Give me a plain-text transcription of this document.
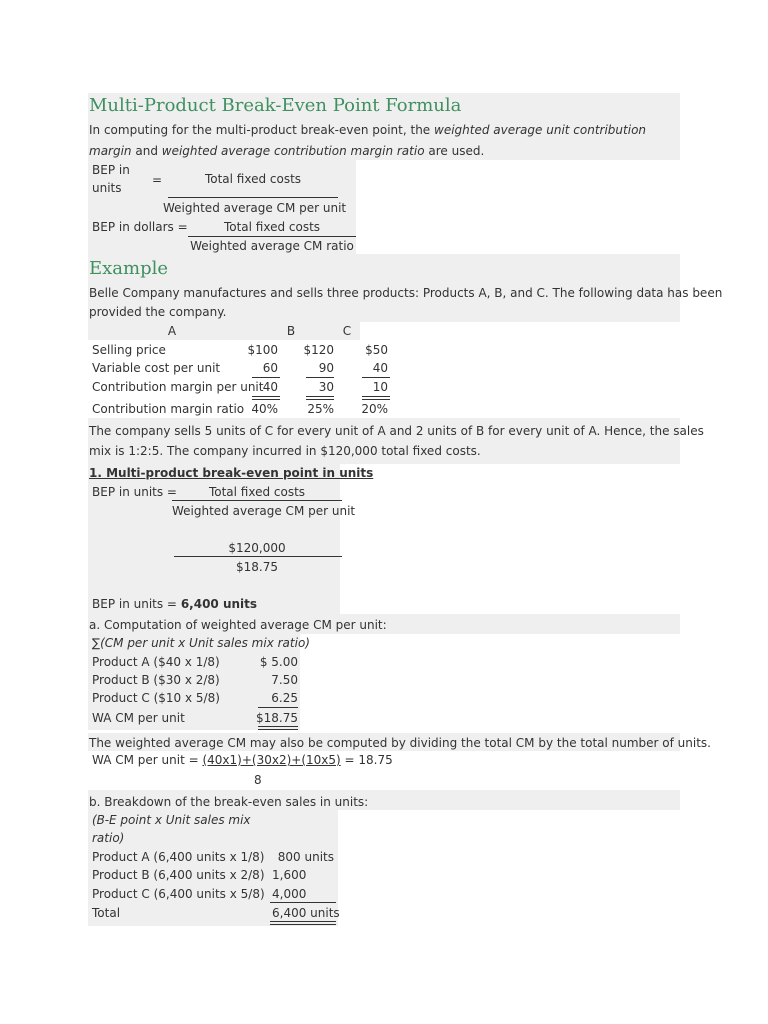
Multi-Product Break-Even Point Formula
In computing for the multi-product break-even point, the weighted average unit contribution
margin and weighted average contribution margin ratio are used.
BEP in
units
=	Total fixed costs
Weighted average CM per unit
BEP in dollars =	Total fixed costs
Weighted average CM ratio
Example
Belle Company manufactures and sells three products: Products A, B, and C. The following data has been
provided the company.
A	B	C
Selling price	$100	$120	$50
Variable cost per unit	60	90	40
Contribution margin per unit 40	30	10
Contribution margin ratio 40%	25%	20%
The company sells 5 units of C for every unit of A and 2 units of B for every unit of A. Hence, the sales
mix is 1:2:5. The company incurred in $120,000 total fixed costs.
1. Multi-product break-even point in units
BEP in units =	Total fixed costs
Weighted average CM per unit
$120,000
$18.75
BEP in units = 6,400 units
a. Computation of weighted average CM per unit:
∑(CM per unit x Unit sales mix ratio)
Product A ($40 x 1/8)	$ 5.00
Product B ($30 x 2/8)	7.50
Product C ($10 x 5/8)	6.25
WA CM per unit	$18.75
The weighted average CM may also be computed by dividing the total CM by the total number of units.
WA CM per unit = (40x1)+(30x2)+(10x5) = 18.75
8
b. Breakdown of the break-even sales in units:
(B-E point x Unit sales mix
ratio)
Product A (6,400 units x 1/8)	800 units
Product B (6,400 units x 2/8) 1,600
Product C (6,400 units x 5/8) 4,000
Total	6,400 units
